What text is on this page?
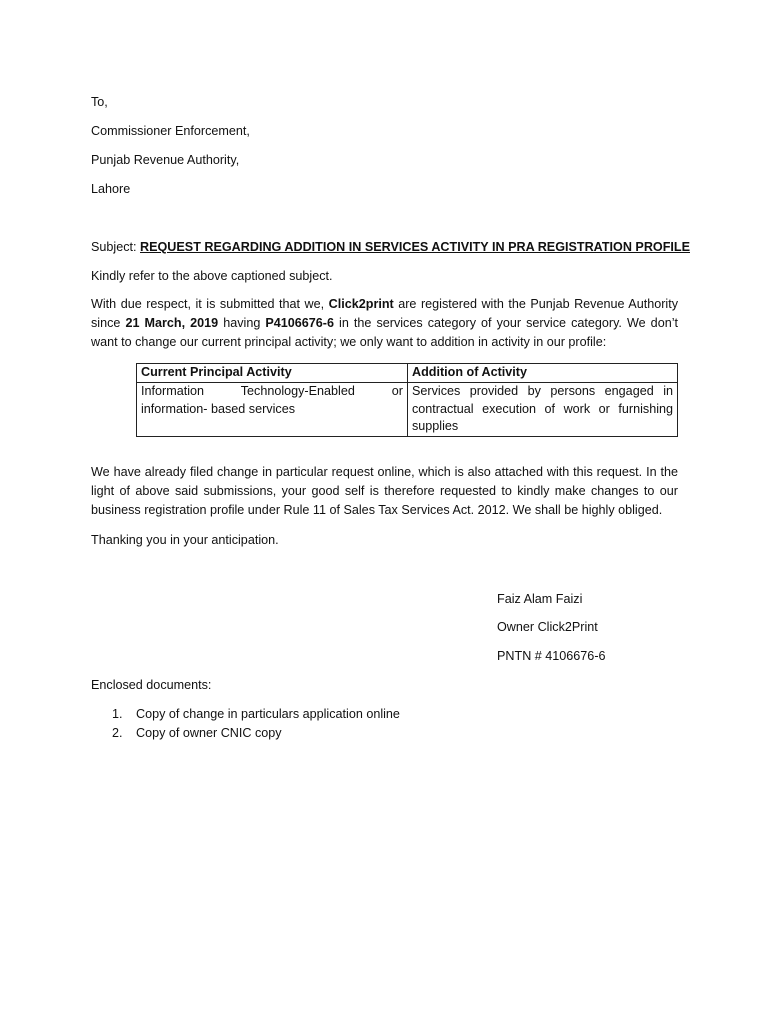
To,
Commissioner Enforcement,
Punjab Revenue Authority,
Lahore
Subject: REQUEST REGARDING ADDITION IN SERVICES ACTIVITY IN PRA REGISTRATION PROFILE
Kindly refer to the above captioned subject.
With due respect, it is submitted that we, Click2print are registered with the Punjab Revenue Authority
since 21 March, 2019 having P4106676-6 in the services category of your service category. We don’t
want to change our current principal activity; we only want to addition in activity in our profile:
Current Principal Activity	Addition of Activity

Information Technology-Enabled or
information- based services	Services provided by persons engaged in
contractual execution of work or furnishing
supplies
We have already filed change in particular request online, which is also attached with this request. In the
light of above said submissions, your good self is therefore requested to kindly make changes to our
business registration profile under Rule 11 of Sales Tax Services Act. 2012. We shall be highly obliged.
Thanking you in your anticipation.
Faiz Alam Faizi
Owner Click2Print
PNTN # 4106676-6
Enclosed documents:
1. Copy of change in particulars application online
2. Copy of owner CNIC copy
